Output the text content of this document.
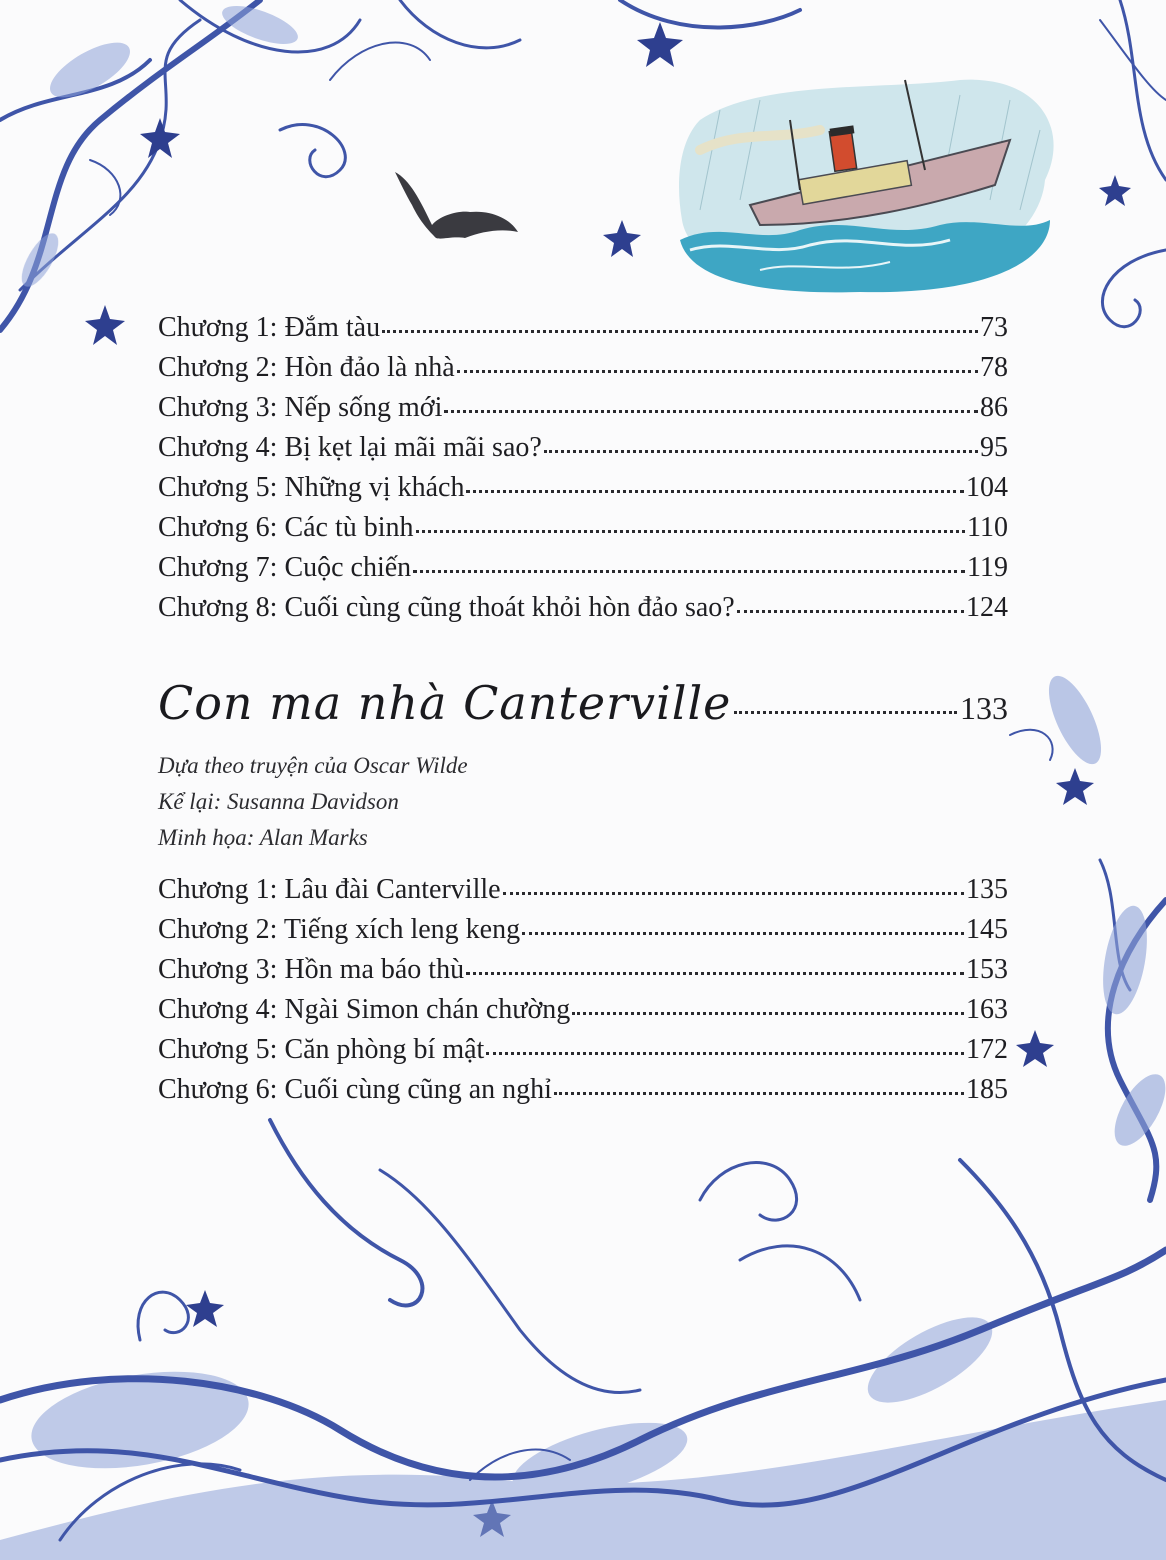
Chương 1: Đắm tàu	73
Chương 2: Hòn đảo là nhà	78
Chương 3: Nếp sống mới	86
Chương 4: Bị kẹt lại mãi mãi sao?	95
Chương 5: Những vị khách	104
Chương 6: Các tù binh	110
Chương 7: Cuộc chiến	119
Chương 8: Cuối cùng cũng thoát khỏi hòn đảo sao?	124
Con ma nhà Canterville	133
Dựa theo truyện của Oscar Wilde
Kể lại: Susanna Davidson
Minh họa: Alan Marks
Chương 1: Lâu đài Canterville	135
Chương 2: Tiếng xích leng keng	145
Chương 3: Hồn ma báo thù	153
Chương 4: Ngài Simon chán chường	163
Chương 5: Căn phòng bí mật	172
Chương 6: Cuối cùng cũng an nghỉ	185
